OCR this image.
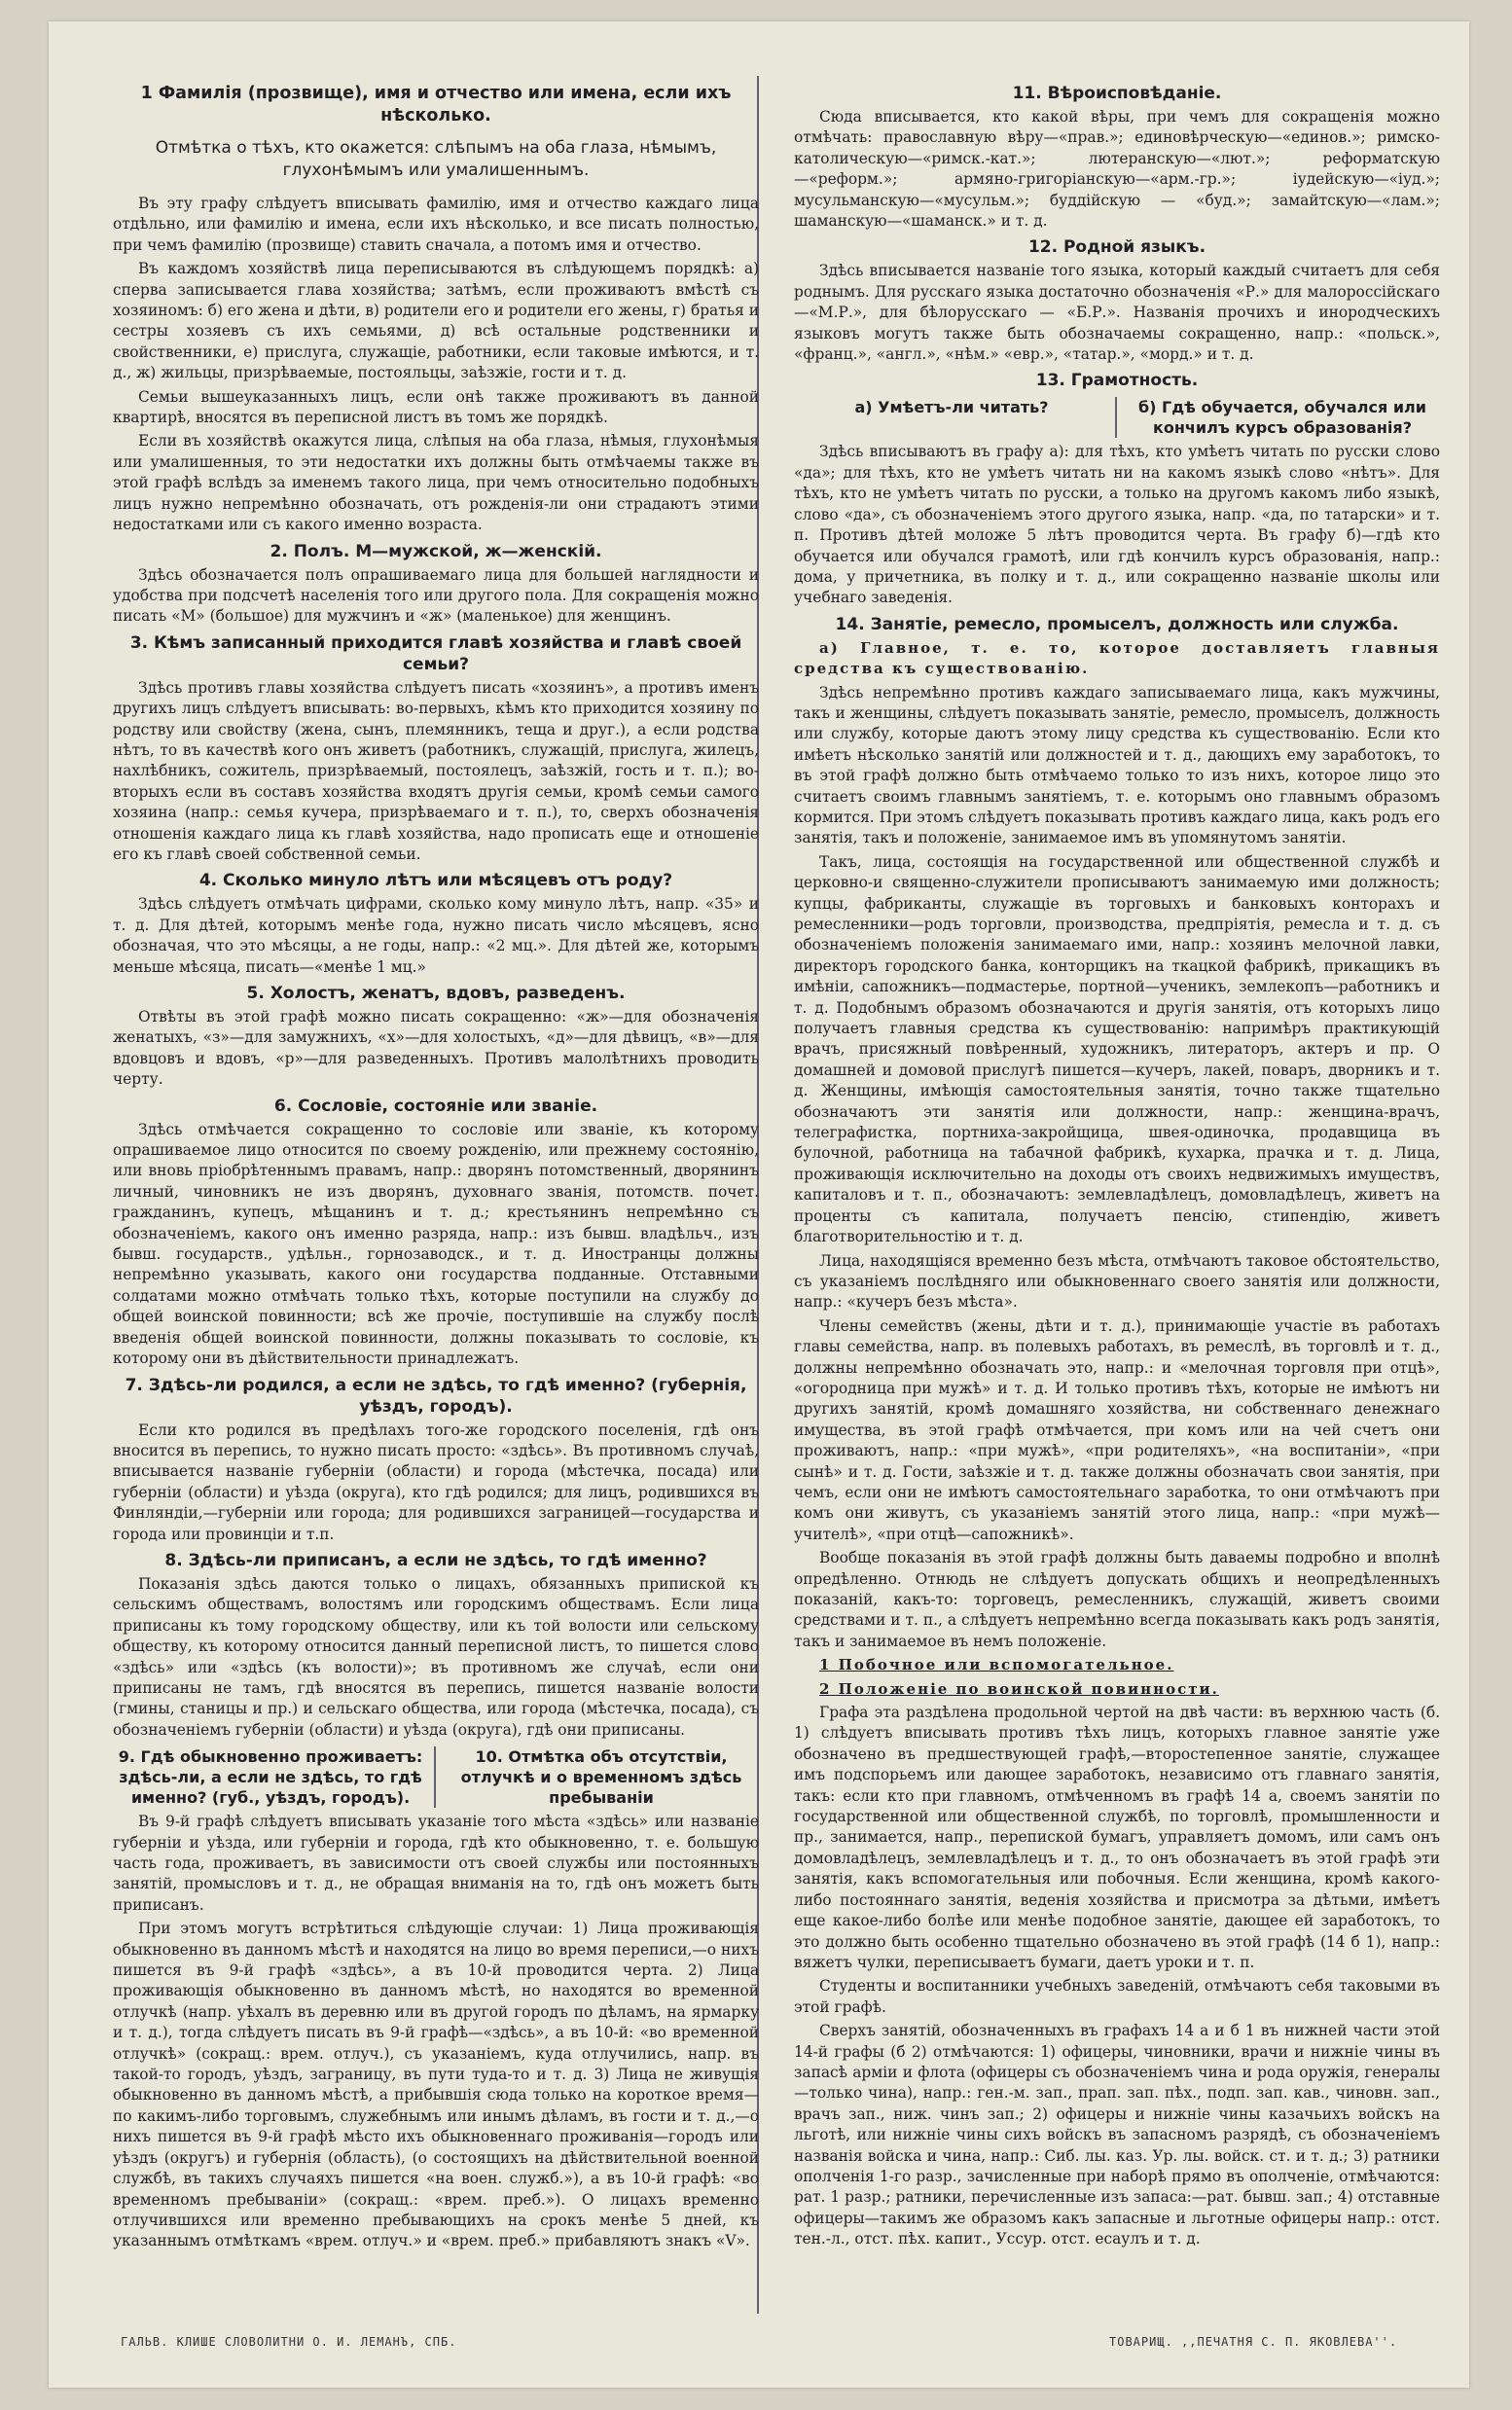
1 Фамилія (прозвище), имя и отчество или имена, если ихъ нѣсколько.
Отмѣтка о тѣхъ, кто окажется: слѣпымъ на оба глаза, нѣмымъ, глухонѣмымъ или умалишеннымъ.

Въ эту графу слѣдуетъ вписывать фамилію, имя и отчество каждаго лица отдѣльно, или фамилію и имена, если ихъ нѣсколько, и все писать полностью, при чемъ фамилію (прозвище) ставить сначала, а потомъ имя и отчество.

Въ каждомъ хозяйствѣ лица переписываются въ слѣдующемъ порядкѣ: а) сперва записывается глава хозяйства; затѣмъ, если проживаютъ вмѣстѣ съ хозяиномъ: б) его жена и дѣти, в) родители его и родители его жены, г) братья и сестры хозяевъ съ ихъ семьями, д) всѣ остальные родственники и свойственники, е) прислуга, служащіе, работники, если таковые имѣются, и т. д., ж) жильцы, призрѣваемые, постояльцы, заѣзжіе, гости и т. д.

Семьи вышеуказанныхъ лицъ, если онѣ также проживаютъ въ данной квартирѣ, вносятся въ переписной листъ въ томъ же порядкѣ.

Если въ хозяйствѣ окажутся лица, слѣпыя на оба глаза, нѣмыя, глухонѣмыя или умалишенныя, то эти недостатки ихъ должны быть отмѣчаемы также въ этой графѣ вслѣдъ за именемъ такого лица, при чемъ относительно подобныхъ лицъ нужно непремѣнно обозначать, отъ рожденія-ли они страдаютъ этими недостатками или съ какого именно возраста.

2. Полъ. М—мужской, ж—женскій.

Здѣсь обозначается полъ опрашиваемаго лица для большей наглядности и удобства при подсчетѣ населенія того или другого пола. Для сокращенія можно писать «М» (большое) для мужчинъ и «ж» (маленькое) для женщинъ.

3. Кѣмъ записанный приходится главѣ хозяйства и главѣ своей семьи?

Здѣсь противъ главы хозяйства слѣдуетъ писать «хозяинъ», а противъ именъ другихъ лицъ слѣдуетъ вписывать: во-первыхъ, кѣмъ кто приходится хозяину по родству или свойству (жена, сынъ, племянникъ, теща и друг.), а если родства нѣтъ, то въ качествѣ кого онъ живетъ (работникъ, служащій, прислуга, жилецъ, нахлѣбникъ, сожитель, призрѣваемый, постоялецъ, заѣзжій, гость и т. п.); во-вторыхъ если въ составъ хозяйства входятъ другія семьи, кромѣ семьи самого хозяина (напр.: семья кучера, призрѣваемаго и т. п.), то, сверхъ обозначенія отношенія каждаго лица къ главѣ хозяйства, надо прописать еще и отношеніе его къ главѣ своей собственной семьи.

4. Сколько минуло лѣтъ или мѣсяцевъ отъ роду?

Здѣсь слѣдуетъ отмѣчать цифрами, сколько кому минуло лѣтъ, напр. «35» и т. д. Для дѣтей, которымъ менѣе года, нужно писать число мѣсяцевъ, ясно обозначая, что это мѣсяцы, а не годы, напр.: «2 мц.». Для дѣтей же, которымъ меньше мѣсяца, писать—«менѣе 1 мц.»

5. Холостъ, женатъ, вдовъ, разведенъ.

Отвѣты въ этой графѣ можно писать сокращенно: «ж»—для обозначенія женатыхъ, «з»—для замужнихъ, «х»—для холостыхъ, «д»—для дѣвицъ, «в»—для вдовцовъ и вдовъ, «р»—для разведенныхъ. Противъ малолѣтнихъ проводить черту.

6. Сословіе, состояніе или званіе.

Здѣсь отмѣчается сокращенно то сословіе или званіе, къ которому опрашиваемое лицо относится по своему рожденію, или прежнему состоянію, или вновь пріобрѣтеннымъ правамъ, напр.: дворянъ потомственный, дворянинъ личный, чиновникъ не изъ дворянъ, духовнаго званія, потомств. почет. гражданинъ, купецъ, мѣщанинъ и т. д.; крестьянинъ непремѣнно съ обозначеніемъ, какого онъ именно разряда, напр.: изъ бывш. владѣльч., изъ бывш. государств., удѣльн., горнозаводск., и т. д. Иностранцы должны непремѣнно указывать, какого они государства подданные. Отставными солдатами можно отмѣчать только тѣхъ, которые поступили на службу до общей воинской повинности; всѣ же прочіе, поступившіе на службу послѣ введенія общей воинской повинности, должны показывать то сословіе, къ которому они въ дѣйствительности принадлежатъ.

7. Здѣсь-ли родился, а если не здѣсь, то гдѣ именно? (губернія, уѣздъ, городъ).

Если кто родился въ предѣлахъ того-же городского поселенія, гдѣ онъ вносится въ перепись, то нужно писать просто: «здѣсь». Въ противномъ случаѣ, вписывается названіе губерніи (области) и города (мѣстечка, посада) или губерніи (области) и уѣзда (округа), кто гдѣ родился; для лицъ, родившихся въ Финляндіи,—губерніи или города; для родившихся заграницей—государства и города или провинціи и т.п.

8. Здѣсь-ли приписанъ, а если не здѣсь, то гдѣ именно?

Показанія здѣсь даются только о лицахъ, обязанныхъ припиской къ сельскимъ обществамъ, волостямъ или городскимъ обществамъ. Если лица приписаны къ тому городскому обществу, или къ той волости или сельскому обществу, къ которому относится данный переписной листъ, то пишется слово «здѣсь» или «здѣсь (къ волости)»; въ противномъ же случаѣ, если они приписаны не тамъ, гдѣ вносятся въ перепись, пишется названіе волости (гмины, станицы и пр.) и сельскаго общества, или города (мѣстечка, посада), съ обозначеніемъ губерніи (области) и уѣзда (округа), гдѣ они приписаны.

9. Гдѣ обыкновенно проживаетъ: здѣсь-ли, а если не здѣсь, то гдѣ именно? (губ., уѣздъ, городъ).
10. Отмѣтка объ отсутствіи, отлучкѣ и о временномъ здѣсь пребываніи

Въ 9-й графѣ слѣдуетъ вписывать указаніе того мѣста «здѣсь» или названіе губерніи и уѣзда, или губерніи и города, гдѣ кто обыкновенно, т. е. большую часть года, проживаетъ, въ зависимости отъ своей службы или постоянныхъ занятій, промысловъ и т. д., не обращая вниманія на то, гдѣ онъ можетъ быть приписанъ.

При этомъ могутъ встрѣтиться слѣдующіе случаи: 1) Лица проживающія обыкновенно въ данномъ мѣстѣ и находятся на лицо во время переписи,—о нихъ пишется въ 9-й графѣ «здѣсь», а въ 10-й проводится черта. 2) Лица проживающія обыкновенно въ данномъ мѣстѣ, но находятся во временной отлучкѣ (напр. уѣхалъ въ деревню или въ другой городъ по дѣламъ, на ярмарку и т. д.), тогда слѣдуетъ писать въ 9-й графѣ—«здѣсь», а въ 10-й: «во временной отлучкѣ» (сокращ.: врем. отлуч.), съ указаніемъ, куда отлучились, напр. въ такой-то городъ, уѣздъ, заграницу, въ пути туда-то и т. д. 3) Лица не живущія обыкновенно въ данномъ мѣстѣ, а прибывшія сюда только на короткое время—по какимъ-либо торговымъ, служебнымъ или инымъ дѣламъ, въ гости и т. д.,—о нихъ пишется въ 9-й графѣ мѣсто ихъ обыкновеннаго проживанія—городъ или уѣздъ (округъ) и губернія (область), (о состоящихъ на дѣйствительной военной службѣ, въ такихъ случаяхъ пишется «на воен. служб.»), а въ 10-й графѣ: «во временномъ пребываніи» (сокращ.: «врем. преб.»). О лицахъ временно отлучившихся или временно пребывающихъ на срокъ менѣе 5 дней, къ указаннымъ отмѣткамъ «врем. отлуч.» и «врем. преб.» прибавляютъ знакъ «V».

11. Вѣроисповѣданіе.

Сюда вписывается, кто какой вѣры, при чемъ для сокращенія можно отмѣчать: православную вѣру—«прав.»; единовѣрческую—«единов.»; римско-католическую—«римск.-кат.»; лютеранскую—«лют.»; реформатскую—«реформ.»; армяно-григоріанскую—«арм.-гр.»; іудейскую—«іуд.»; мусульманскую—«мусульм.»; буддійскую — «буд.»; замайтскую—«лам.»; шаманскую—«шаманск.» и т. д.

12. Родной языкъ.

Здѣсь вписывается названіе того языка, который каждый считаетъ для себя роднымъ. Для русскаго языка достаточно обозначенія «Р.» для малороссійскаго—«М.Р.», для бѣлорусскаго — «Б.Р.». Названія прочихъ и инородческихъ языковъ могутъ также быть обозначаемы сокращенно, напр.: «польск.», «франц.», «англ.», «нѣм.» «евр.», «татар.», «морд.» и т. д.

13. Грамотность.
а) Умѣетъ-ли читать?	б) Гдѣ обучается, обучался или кончилъ курсъ образованія?

Здѣсь вписываютъ въ графу а): для тѣхъ, кто умѣетъ читать по русски слово «да»; для тѣхъ, кто не умѣетъ читать ни на какомъ языкѣ слово «нѣтъ». Для тѣхъ, кто не умѣетъ читать по русски, а только на другомъ какомъ либо языкѣ, слово «да», съ обозначеніемъ этого другого языка, напр. «да, по татарски» и т. п. Противъ дѣтей моложе 5 лѣтъ проводится черта. Въ графу б)—гдѣ кто обучается или обучался грамотѣ, или гдѣ кончилъ курсъ образованія, напр.: дома, у причетника, въ полку и т. д., или сокращенно названіе школы или учебнаго заведенія.

14. Занятіе, ремесло, промыселъ, должность или служба.

а) Главное, т. е. то, которое доставляетъ главныя средства къ существованію.

Здѣсь непремѣнно противъ каждаго записываемаго лица, какъ мужчины, такъ и женщины, слѣдуетъ показывать занятіе, ремесло, промыселъ, должность или службу, которые даютъ этому лицу средства къ существованію. Если кто имѣетъ нѣсколько занятій или должностей и т. д., дающихъ ему заработокъ, то въ этой графѣ должно быть отмѣчаемо только то изъ нихъ, которое лицо это считаетъ своимъ главнымъ занятіемъ, т. е. которымъ оно главнымъ образомъ кормится. При этомъ слѣдуетъ показывать противъ каждаго лица, какъ родъ его занятія, такъ и положеніе, занимаемое имъ въ упомянутомъ занятіи.

Такъ, лица, состоящія на государственной или общественной службѣ и церковно-и священно-служители прописываютъ занимаемую ими должность; купцы, фабриканты, служащіе въ торговыхъ и банковыхъ конторахъ и ремесленники—родъ торговли, производства, предпріятія, ремесла и т. д. съ обозначеніемъ положенія занимаемаго ими, напр.: хозяинъ мелочной лавки, директоръ городского банка, конторщикъ на ткацкой фабрикѣ, прикащикъ въ имѣніи, сапожникъ—подмастерье, портной—ученикъ, землекопъ—работникъ и т. д. Подобнымъ образомъ обозначаются и другія занятія, отъ которыхъ лицо получаетъ главныя средства къ существованію: напримѣръ практикующій врачъ, присяжный повѣренный, художникъ, литераторъ, актеръ и пр. О домашней и домовой прислугѣ пишется—кучеръ, лакей, поваръ, дворникъ и т. д. Женщины, имѣющія самостоятельныя занятія, точно также тщательно обозначаютъ эти занятія или должности, напр.: женщина-врачъ, телеграфистка, портниха-закройщица, швея-одиночка, продавщица въ булочной, работница на табачной фабрикѣ, кухарка, прачка и т. д. Лица, проживающія исключительно на доходы отъ своихъ недвижимыхъ имуществъ, капиталовъ и т. п., обозначаютъ: землевладѣлецъ, домовладѣлецъ, живетъ на проценты съ капитала, получаетъ пенсію, стипендію, живетъ благотворительностію и т. д.

Лица, находящіяся временно безъ мѣста, отмѣчаютъ таковое обстоятельство, съ указаніемъ послѣдняго или обыкновеннаго своего занятія или должности, напр.: «кучеръ безъ мѣста».

Члены семействъ (жены, дѣти и т. д.), принимающіе участіе въ работахъ главы семейства, напр. въ полевыхъ работахъ, въ ремеслѣ, въ торговлѣ и т. д., должны непремѣнно обозначать это, напр.: и «мелочная торговля при отцѣ», «огородница при мужѣ» и т. д. И только противъ тѣхъ, которые не имѣютъ ни другихъ занятій, кромѣ домашняго хозяйства, ни собственнаго денежнаго имущества, въ этой графѣ отмѣчается, при комъ или на чей счетъ они проживаютъ, напр.: «при мужѣ», «при родителяхъ», «на воспитаніи», «при сынѣ» и т. д. Гости, заѣзжіе и т. д. также должны обозначать свои занятія, при чемъ, если они не имѣютъ самостоятельнаго заработка, то они отмѣчаютъ при комъ они живутъ, съ указаніемъ занятій этого лица, напр.: «при мужѣ—учителѣ», «при отцѣ—сапожникѣ».

Вообще показанія въ этой графѣ должны быть даваемы подробно и вполнѣ опредѣленно. Отнюдь не слѣдуетъ допускать общихъ и неопредѣленныхъ показаній, какъ-то: торговецъ, ремесленникъ, служащій, живетъ своими средствами и т. п., а слѣдуетъ непремѣнно всегда показывать какъ родъ занятія, такъ и занимаемое въ немъ положеніе.

1 Побочное или вспомогательное.

2 Положеніе по воинской повинности.

Графа эта раздѣлена продольной чертой на двѣ части: въ верхнюю часть (б. 1) слѣдуетъ вписывать противъ тѣхъ лицъ, которыхъ главное занятіе уже обозначено въ предшествующей графѣ,—второстепенное занятіе, служащее имъ подспорьемъ или дающее заработокъ, независимо отъ главнаго занятія, такъ: если кто при главномъ, отмѣченномъ въ графѣ 14 а, своемъ занятіи по государственной или общественной службѣ, по торговлѣ, промышленности и пр., занимается, напр., перепиской бумагъ, управляетъ домомъ, или самъ онъ домовладѣлецъ, землевладѣлецъ и т. д., то онъ обозначаетъ въ этой графѣ эти занятія, какъ вспомогательныя или побочныя. Если женщина, кромѣ какого-либо постояннаго занятія, веденія хозяйства и присмотра за дѣтьми, имѣетъ еще какое-либо болѣе или менѣе подобное занятіе, дающее ей заработокъ, то это должно быть особенно тщательно обозначено въ этой графѣ (14 б 1), напр.: вяжетъ чулки, переписываетъ бумаги, даетъ уроки и т. п.

Студенты и воспитанники учебныхъ заведеній, отмѣчаютъ себя таковыми въ этой графѣ.

Сверхъ занятій, обозначенныхъ въ графахъ 14 а и б 1 въ нижней части этой 14-й графы (б 2) отмѣчаются: 1) офицеры, чиновники, врачи и нижніе чины въ запасѣ арміи и флота (офицеры съ обозначеніемъ чина и рода оружія, генералы—только чина), напр.: ген.-м. зап., прап. зап. пѣх., подп. зап. кав., чиновн. зап., врачъ зап., ниж. чинъ зап.; 2) офицеры и нижніе чины казачьихъ войскъ на льготѣ, или нижніе чины сихъ войскъ въ запасномъ разрядѣ, съ обозначеніемъ названія войска и чина, напр.: Сиб. лы. каз. Ур. лы. войск. ст. и т. д.; 3) ратники ополченія 1-го разр., зачисленные при наборѣ прямо въ ополченіе, отмѣчаются: рат. 1 разр.; ратники, перечисленные изъ запаса:—рат. бывш. зап.; 4) отставные офицеры—такимъ же образомъ какъ запасные и льготные офицеры напр.: отст. тен.-л., отст. пѣх. капит., Уссур. отст. есаулъ и т. д.

ГАЛЬВ. КЛИШЕ СЛОВОЛИТНИ О. И. ЛЕМАНЪ, СПБ.	ТОВАРИЩ. ,,ПЕЧАТНЯ С. П. ЯКОВЛЕВА''.
